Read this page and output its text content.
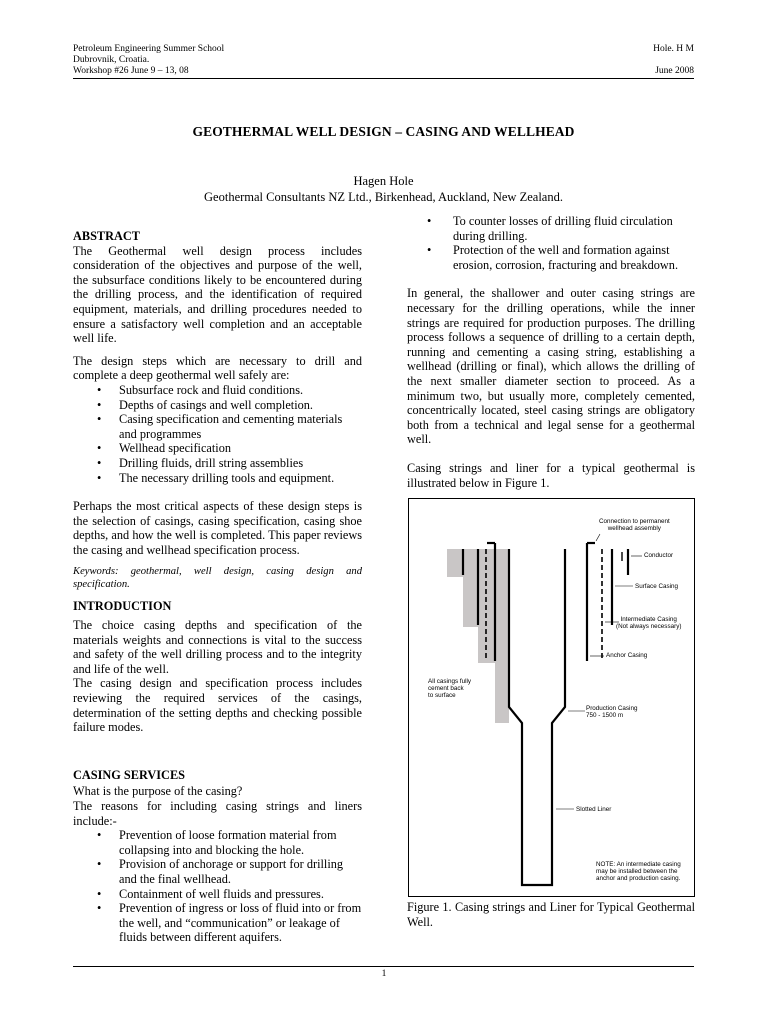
Petroleum Engineering Summer School
Dubrovnik, Croatia.
Workshop #26 June 9 – 13, 08
Hole. H M
June 2008
GEOTHERMAL WELL DESIGN – CASING AND WELLHEAD
Hagen Hole
Geothermal Consultants NZ Ltd., Birkenhead, Auckland, New Zealand.
ABSTRACT

The Geothermal well design process includes consideration of the objectives and purpose of the well, the subsurface conditions likely to be encountered during the drilling process, and the identification of required equipment, materials, and drilling procedures needed to ensure a satisfactory well completion and an acceptable well life.

The design steps which are necessary to drill and complete a deep geothermal well safely are:

• Subsurface rock and fluid conditions.
• Depths of casings and well completion.
• Casing specification and cementing materials and programmes
• Wellhead specification
• Drilling fluids, drill string assemblies
• The necessary drilling tools and equipment.

Perhaps the most critical aspects of these design steps is the selection of casings, casing specification, casing shoe depths, and how the well is completed. This paper reviews the casing and wellhead specification process.

Keywords: geothermal, well design, casing design and specification.

INTRODUCTION

The choice casing depths and specification of the materials weights and connections is vital to the success and safety of the well drilling process and to the integrity and life of the well.

The casing design and specification process includes reviewing the required services of the casings, determination of the setting depths and checking possible failure modes.

CASING SERVICES

What is the purpose of the casing?

The reasons for including casing strings and liners include:-

• Prevention of loose formation material from collapsing into and blocking the hole.
• Provision of anchorage or support for drilling and the final wellhead.
• Containment of well fluids and pressures.
• Prevention of ingress or loss of fluid into or from the well, and “communication” or leakage of fluids between different aquifers.
• To counter losses of drilling fluid circulation during drilling.
• Protection of the well and formation against erosion, corrosion, fracturing and breakdown.

In general, the shallower and outer casing strings are necessary for the drilling operations, while the inner strings are required for production purposes. The drilling process follows a sequence of drilling to a certain depth, running and cementing a casing string, establishing a wellhead (drilling or final), which allows the drilling of the next smaller diameter section to proceed. As a minimum two, but usually more, completely cemented, concentrically located, steel casing strings are obligatory both from a technical and legal sense for a geothermal well.

Casing strings and liner for a typical geothermal is illustrated below in Figure 1.

Connection to permanent
wellhead assembly
Conductor
Surface Casing
Intermediate Casing
(Not always necessary)
Anchor Casing
All casings fully
cement back
to surface
Production Casing
750 - 1500 m
Slotted Liner
NOTE: An intermediate casing
may be installed between the
anchor and production casing.
Figure 1. Casing strings and Liner for Typical Geothermal Well.
1
